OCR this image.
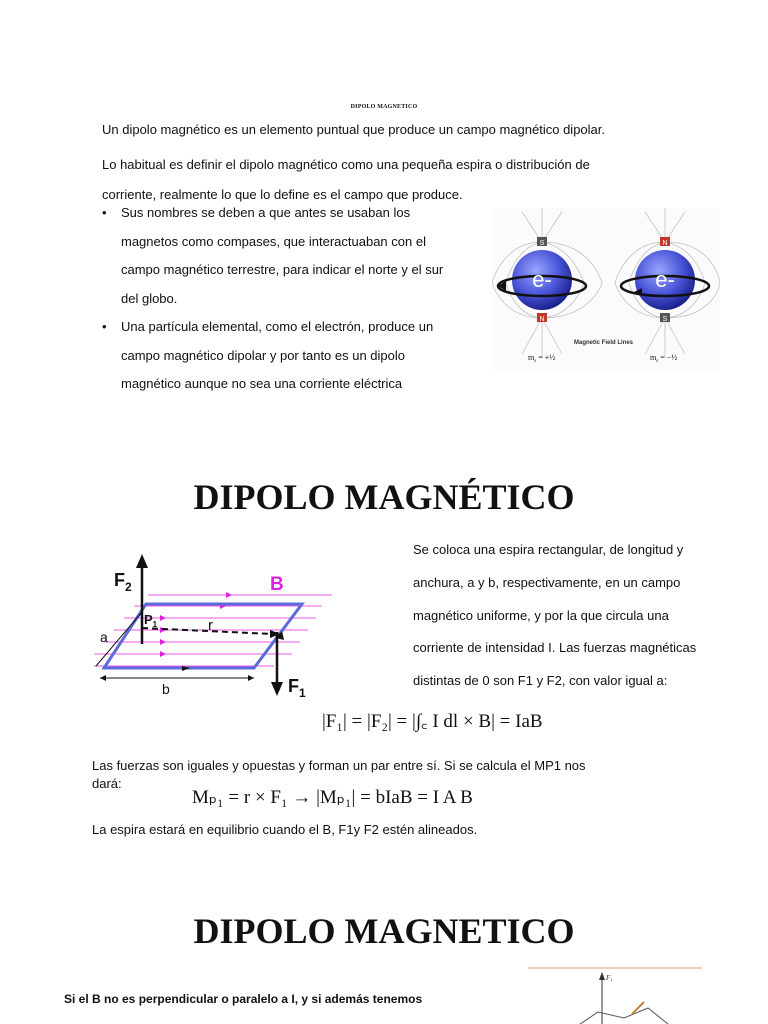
DIPOLO MAGNETICO
Un dipolo magnético es un elemento puntual que produce un campo magnético dipolar.
Lo habitual es definir el dipolo magnético como una pequeña espira o distribución de
corriente, realmente lo que lo define es el campo que produce.
• Sus nombres se deben a que antes se usaban los
magnetos como compases, que interactuaban con el
campo magnético terrestre, para indicar el norte y el sur
del globo.
• Una partícula elemental, como el electrón, produce un
campo magnético dipolar y por tanto es un dipolo
magnético aunque no sea una corriente eléctrica
e-
S
N
e-
N
S
Magnetic Field Lines
$m_s$ = +½	$m_s$ = −½
DIPOLO MAGNÉTICO
$F_2$
$F_1$
B
$P_1$	r
a
b
Se coloca una espira rectangular, de longitud y
anchura, a y b, respectivamente, en un campo
magnético uniforme, y por la que circula una
corriente de intensidad I. Las fuerzas magnéticas
distintas de 0 son F1 y F2, con valor igual a:
|F₁| = |F₂| = |∫꜀ I dl × B| = IaB
Las fuerzas son iguales y opuestas y forman un par entre sí. Si se calcula el MP1 nos
dará:
Mₚ₁ = r × F₁ → |Mₚ₁| = bIaB = I A B
La espira estará en equilibrio cuando el B, F1y F2 estén alineados.
DIPOLO MAGNETICO
Si el B no es perpendicular o paralelo a I, y si además tenemos
F₁
